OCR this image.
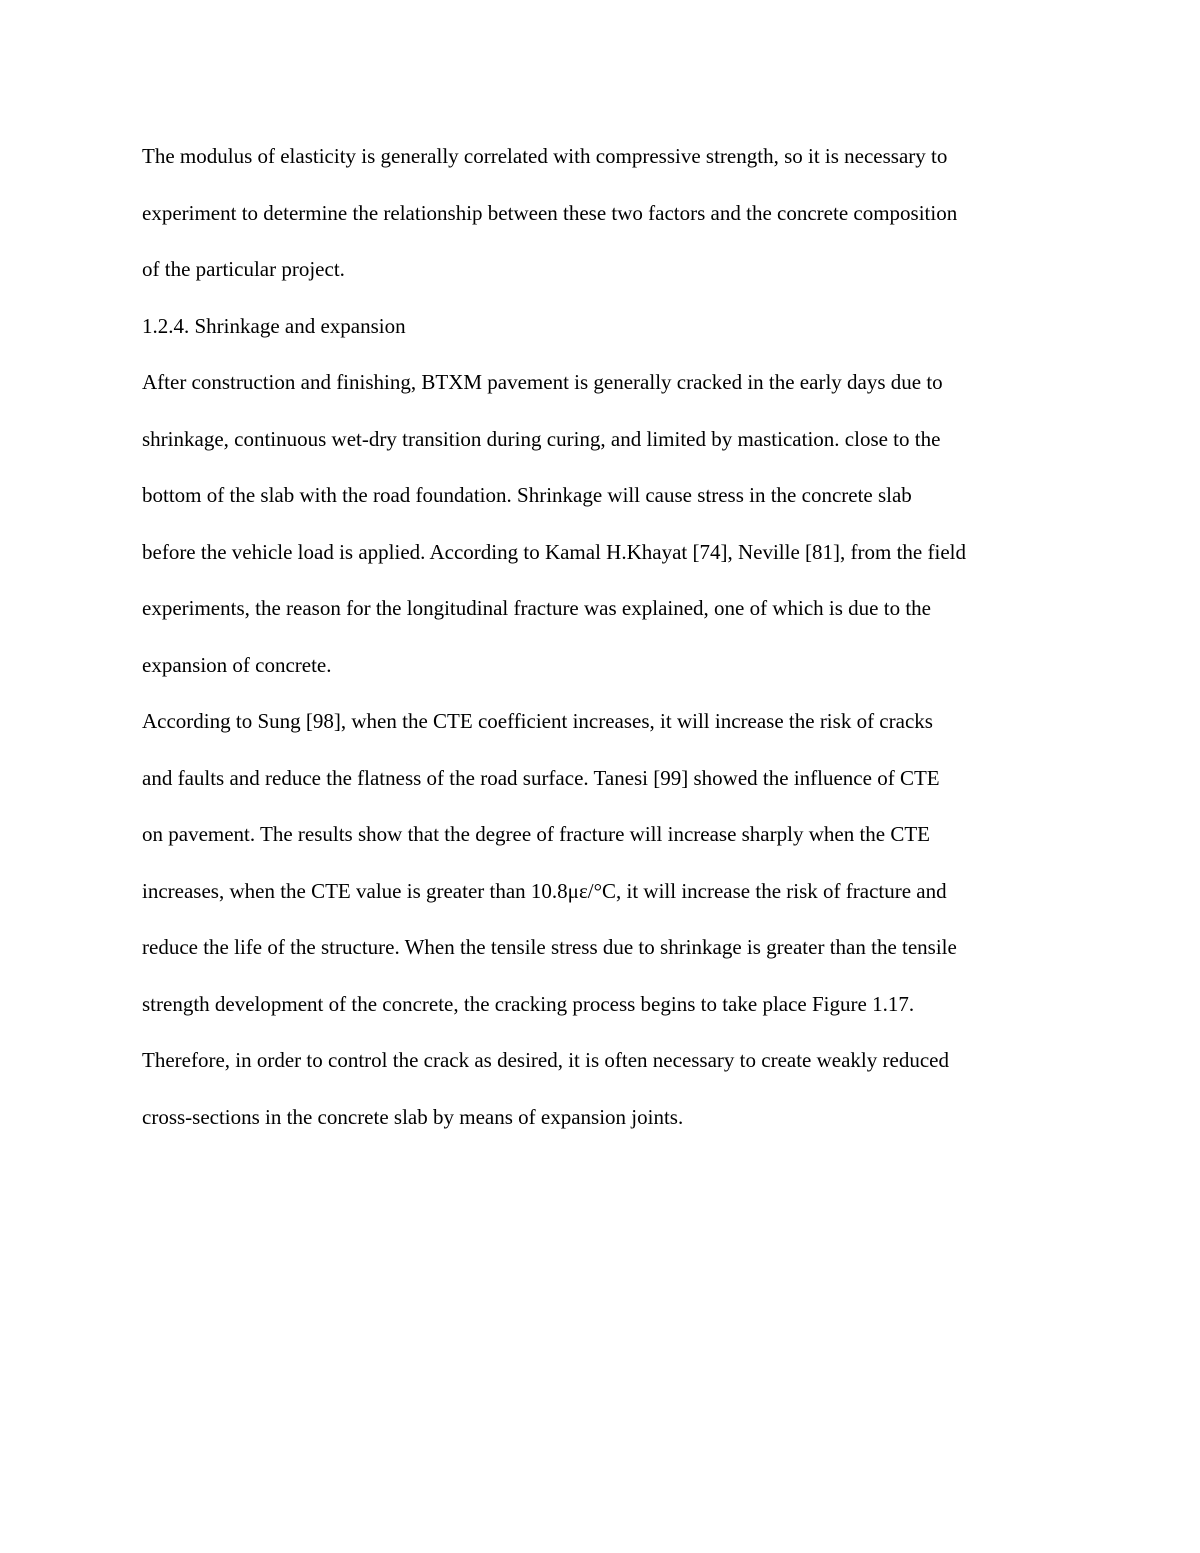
The modulus of elasticity is generally correlated with compressive strength, so it is necessary to
experiment to determine the relationship between these two factors and the concrete composition
of the particular project.
1.2.4. Shrinkage and expansion
After construction and finishing, BTXM pavement is generally cracked in the early days due to
shrinkage, continuous wet-dry transition during curing, and limited by mastication. close to the
bottom of the slab with the road foundation. Shrinkage will cause stress in the concrete slab
before the vehicle load is applied. According to Kamal H.Khayat [74], Neville [81], from the field
experiments, the reason for the longitudinal fracture was explained, one of which is due to the
expansion of concrete.
According to Sung [98], when the CTE coefficient increases, it will increase the risk of cracks
and faults and reduce the flatness of the road surface. Tanesi [99] showed the influence of CTE
on pavement. The results show that the degree of fracture will increase sharply when the CTE
increases, when the CTE value is greater than 10.8με/°C, it will increase the risk of fracture and
reduce the life of the structure. When the tensile stress due to shrinkage is greater than the tensile
strength development of the concrete, the cracking process begins to take place Figure 1.17.
Therefore, in order to control the crack as desired, it is often necessary to create weakly reduced
cross-sections in the concrete slab by means of expansion joints.
